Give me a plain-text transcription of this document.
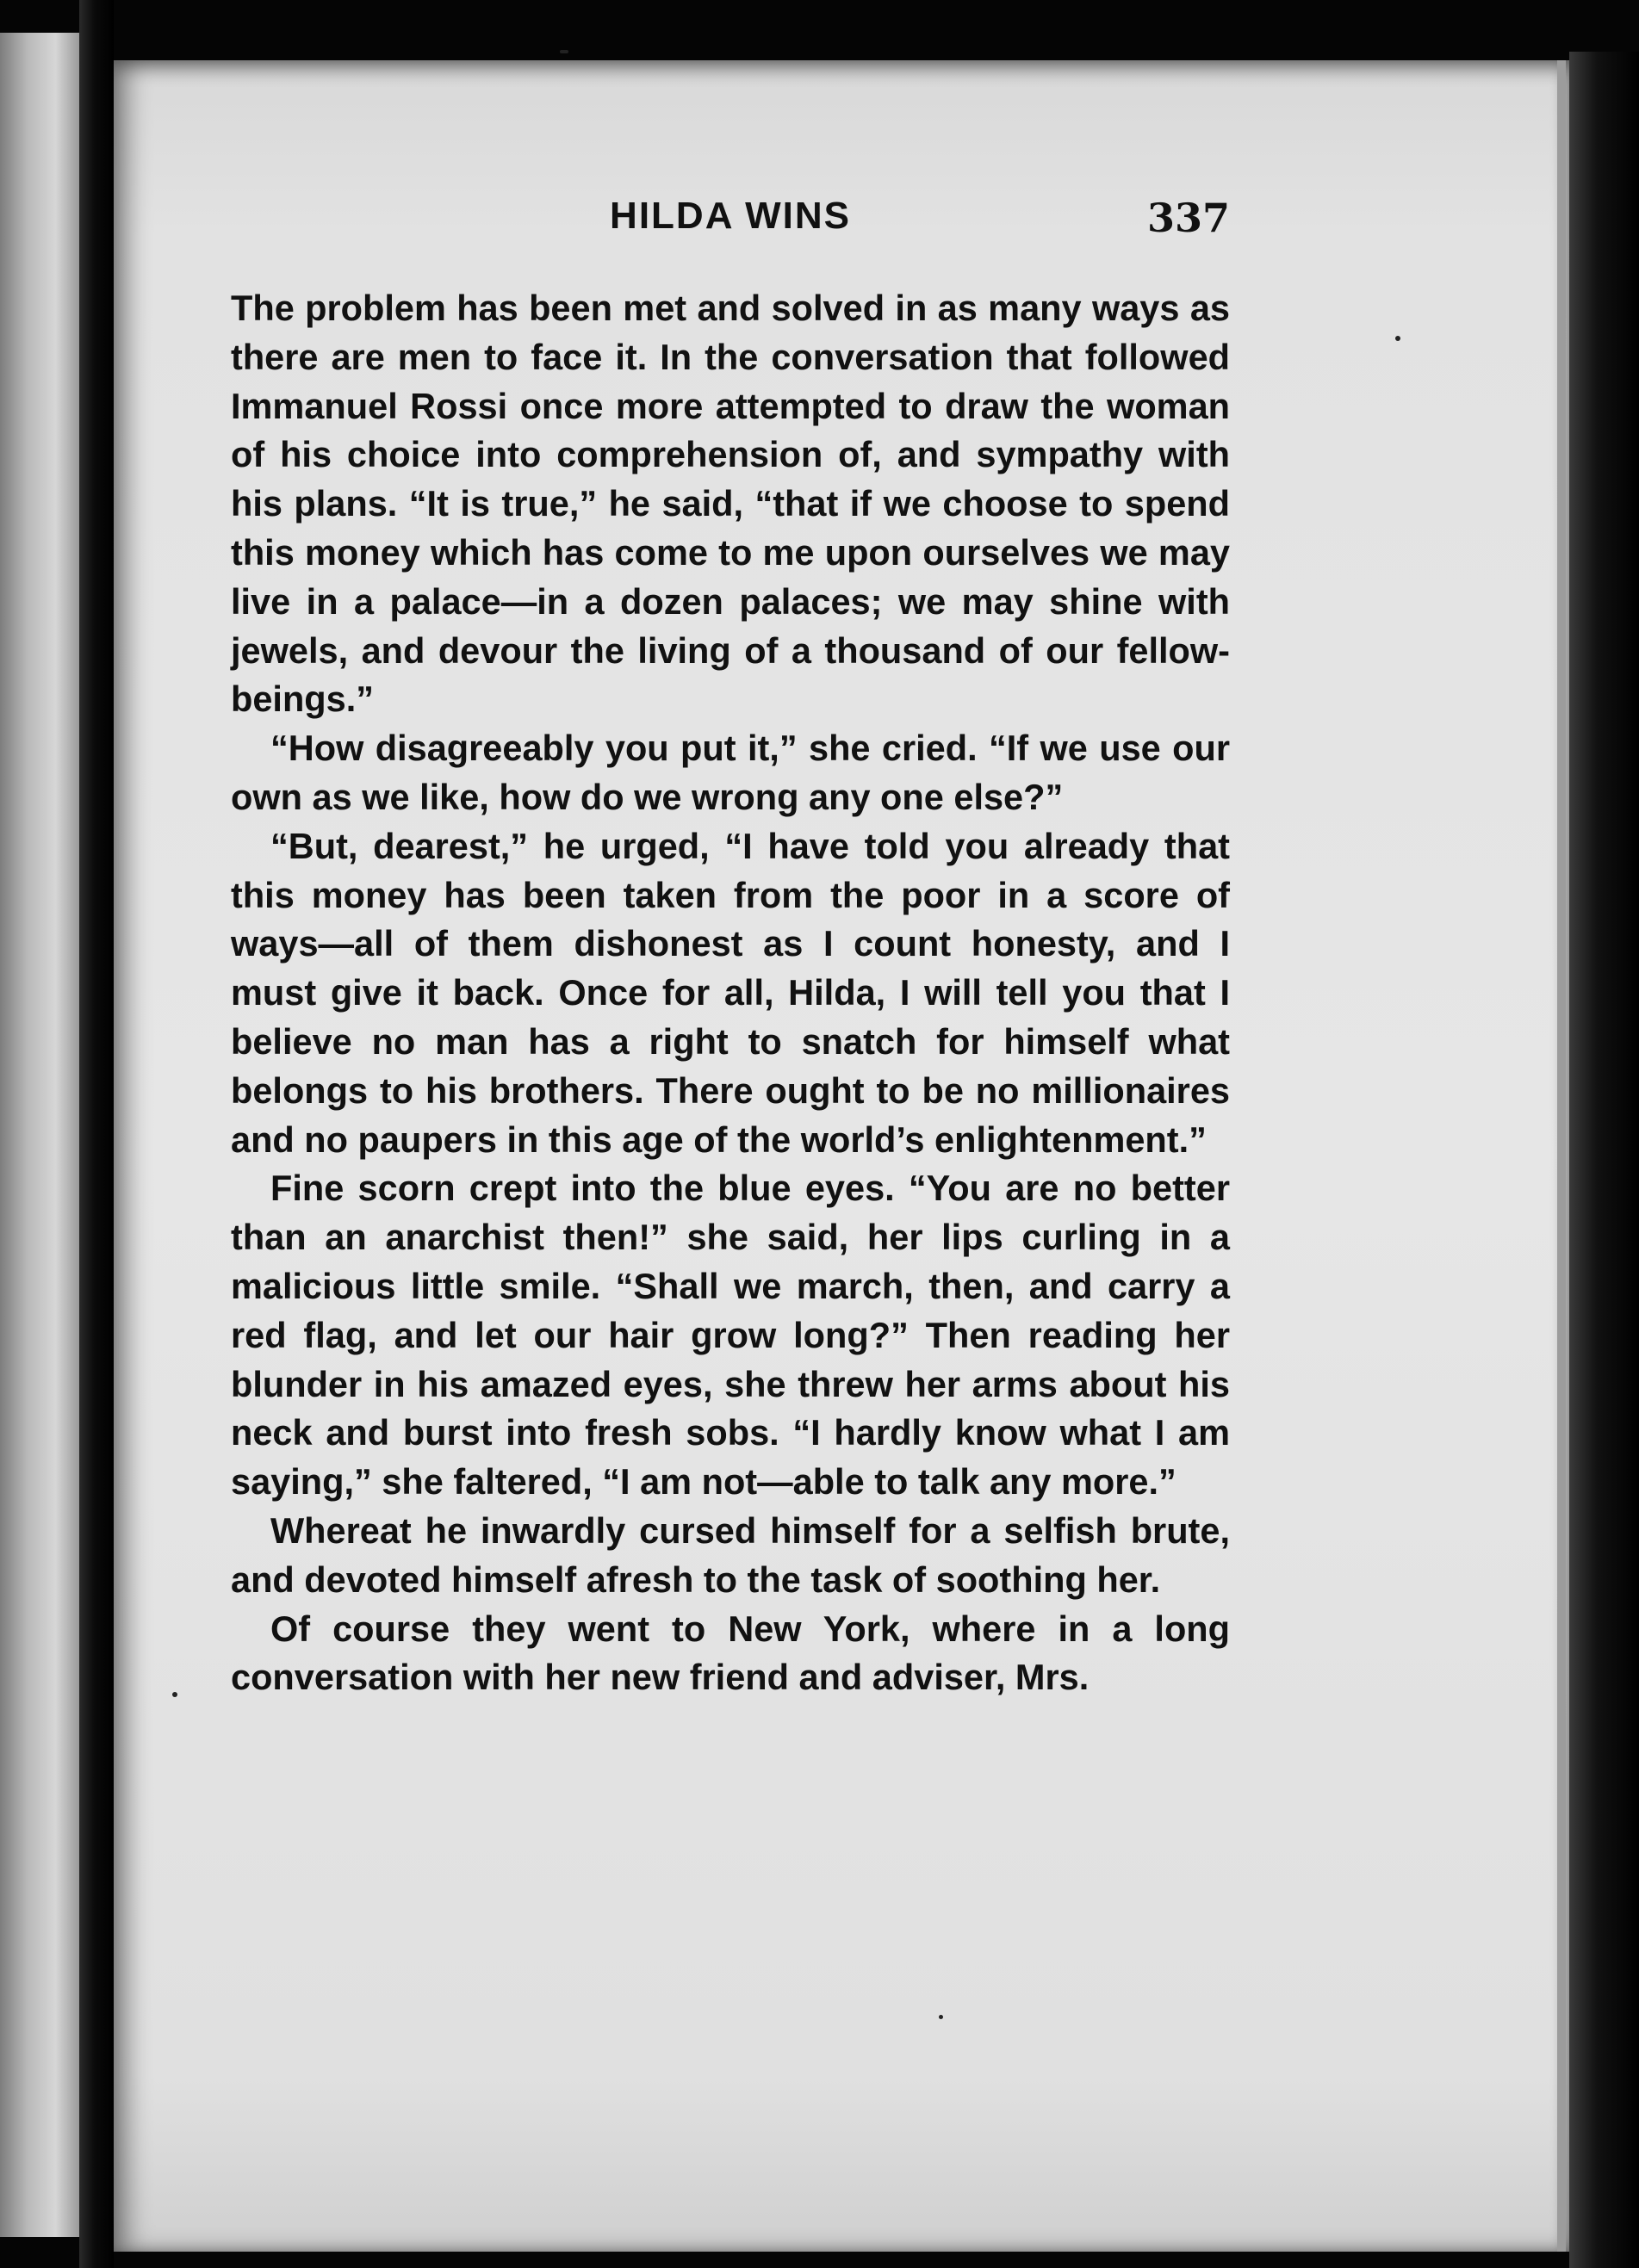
HILDA WINS	337

The problem has been met and solved in as many ways as there are men to face it. In the conversation that followed Immanuel Rossi once more attempted to draw the woman of his choice into comprehension of, and sympathy with his plans. “It is true,” he said, “that if we choose to spend this money which has come to me upon ourselves we may live in a palace—in a dozen palaces; we may shine with jewels, and devour the living of a thousand of our fellow-beings.”

“How disagreeably you put it,” she cried. “If we use our own as we like, how do we wrong any one else?”

“But, dearest,” he urged, “I have told you already that this money has been taken from the poor in a score of ways—all of them dishonest as I count honesty, and I must give it back. Once for all, Hilda, I will tell you that I believe no man has a right to snatch for himself what belongs to his brothers. There ought to be no millionaires and no paupers in this age of the world’s enlightenment.”

Fine scorn crept into the blue eyes. “You are no better than an anarchist then!” she said, her lips curling in a malicious little smile. “Shall we march, then, and carry a red flag, and let our hair grow long?” Then reading her blunder in his amazed eyes, she threw her arms about his neck and burst into fresh sobs. “I hardly know what I am saying,” she faltered, “I am not—able to talk any more.”

Whereat he inwardly cursed himself for a selfish brute, and devoted himself afresh to the task of soothing her.

Of course they went to New York, where in a long conversation with her new friend and adviser, Mrs.
